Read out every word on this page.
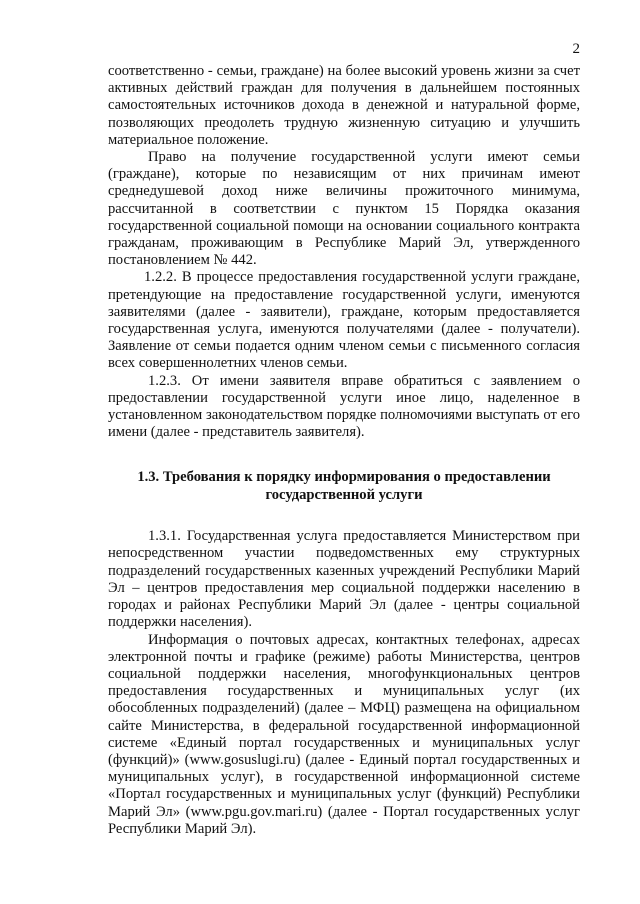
2

соответственно - семьи, граждане) на более высокий уровень жизни за счет активных действий граждан для получения в дальнейшем постоянных самостоятельных источников дохода в денежной и натуральной форме, позволяющих преодолеть трудную жизненную ситуацию и улучшить материальное положение.

Право на получение государственной услуги имеют семьи (граждане), которые по независящим от них причинам имеют среднедушевой доход ниже величины прожиточного минимума, рассчитанной в соответствии с пунктом 15 Порядка оказания государственной социальной помощи на основании социального контракта гражданам, проживающим в Республике Марий Эл, утвержденного постановлением № 442.

1.2.2. В процессе предоставления государственной услуги граждане, претендующие на предоставление государственной услуги, именуются заявителями (далее - заявители), граждане, которым предоставляется государственная услуга, именуются получателями (далее - получатели). Заявление от семьи подается одним членом семьи с письменного согласия всех совершеннолетних членов семьи.

1.2.3. От имени заявителя вправе обратиться с заявлением о предоставлении государственной услуги иное лицо, наделенное в установленном законодательством порядке полномочиями выступать от его имени (далее - представитель заявителя).

1.3. Требования к порядку информирования о предоставлении
государственной услуги

1.3.1. Государственная услуга предоставляется Министерством при непосредственном участии подведомственных ему структурных подразделений государственных казенных учреждений Республики Марий Эл – центров предоставления мер социальной поддержки населению в городах и районах Республики Марий Эл (далее - центры социальной поддержки населения).

Информация о почтовых адресах, контактных телефонах, адресах электронной почты и графике (режиме) работы Министерства, центров социальной поддержки населения, многофункциональных центров предоставления государственных и муниципальных услуг (их обособленных подразделений) (далее – МФЦ) размещена на официальном сайте Министерства, в федеральной государственной информационной системе «Единый портал государственных и муниципальных услуг (функций)» (www.gosuslugi.ru) (далее - Единый портал государственных и муниципальных услуг), в государственной информационной системе «Портал государственных и муниципальных услуг (функций) Республики Марий Эл» (www.pgu.gov.mari.ru) (далее - Портал государственных услуг Республики Марий Эл).
